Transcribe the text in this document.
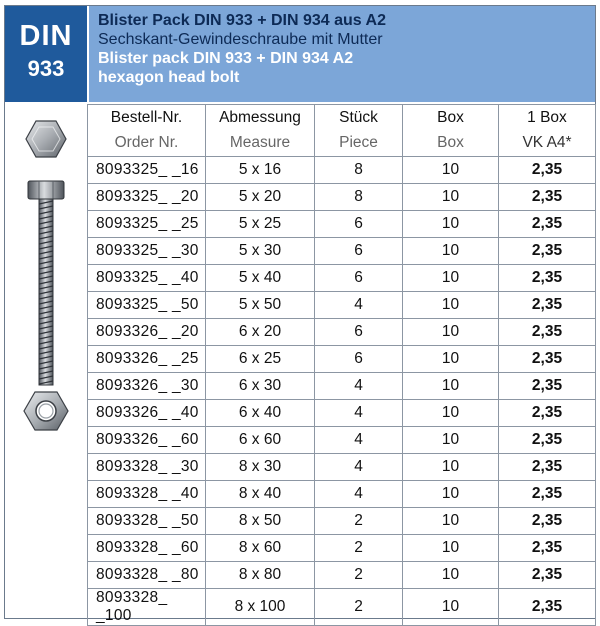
DIN
933
Blister Pack DIN 933 + DIN 934 aus A2
Sechskant-Gewindeschraube mit Mutter
Blister pack DIN 933 + DIN 934 A2
hexagon head bolt
Bestell-Nr.	Abmessung	Stück	Box	1 Box
Order Nr.	Measure	Piece	Box	VK A4*
8093325_ _16	5 x 16	8	10	2,35
8093325_ _20	5 x 20	8	10	2,35
8093325_ _25	5 x 25	6	10	2,35
8093325_ _30	5 x 30	6	10	2,35
8093325_ _40	5 x 40	6	10	2,35
8093325_ _50	5 x 50	4	10	2,35
8093326_ _20	6 x 20	6	10	2,35
8093326_ _25	6 x 25	6	10	2,35
8093326_ _30	6 x 30	4	10	2,35
8093326_ _40	6 x 40	4	10	2,35
8093326_ _60	6 x 60	4	10	2,35
8093328_ _30	8 x 30	4	10	2,35
8093328_ _40	8 x 40	4	10	2,35
8093328_ _50	8 x 50	2	10	2,35
8093328_ _60	8 x 60	2	10	2,35
8093328_ _80	8 x 80	2	10	2,35
8093328_ _100	8 x 100	2	10	2,35
